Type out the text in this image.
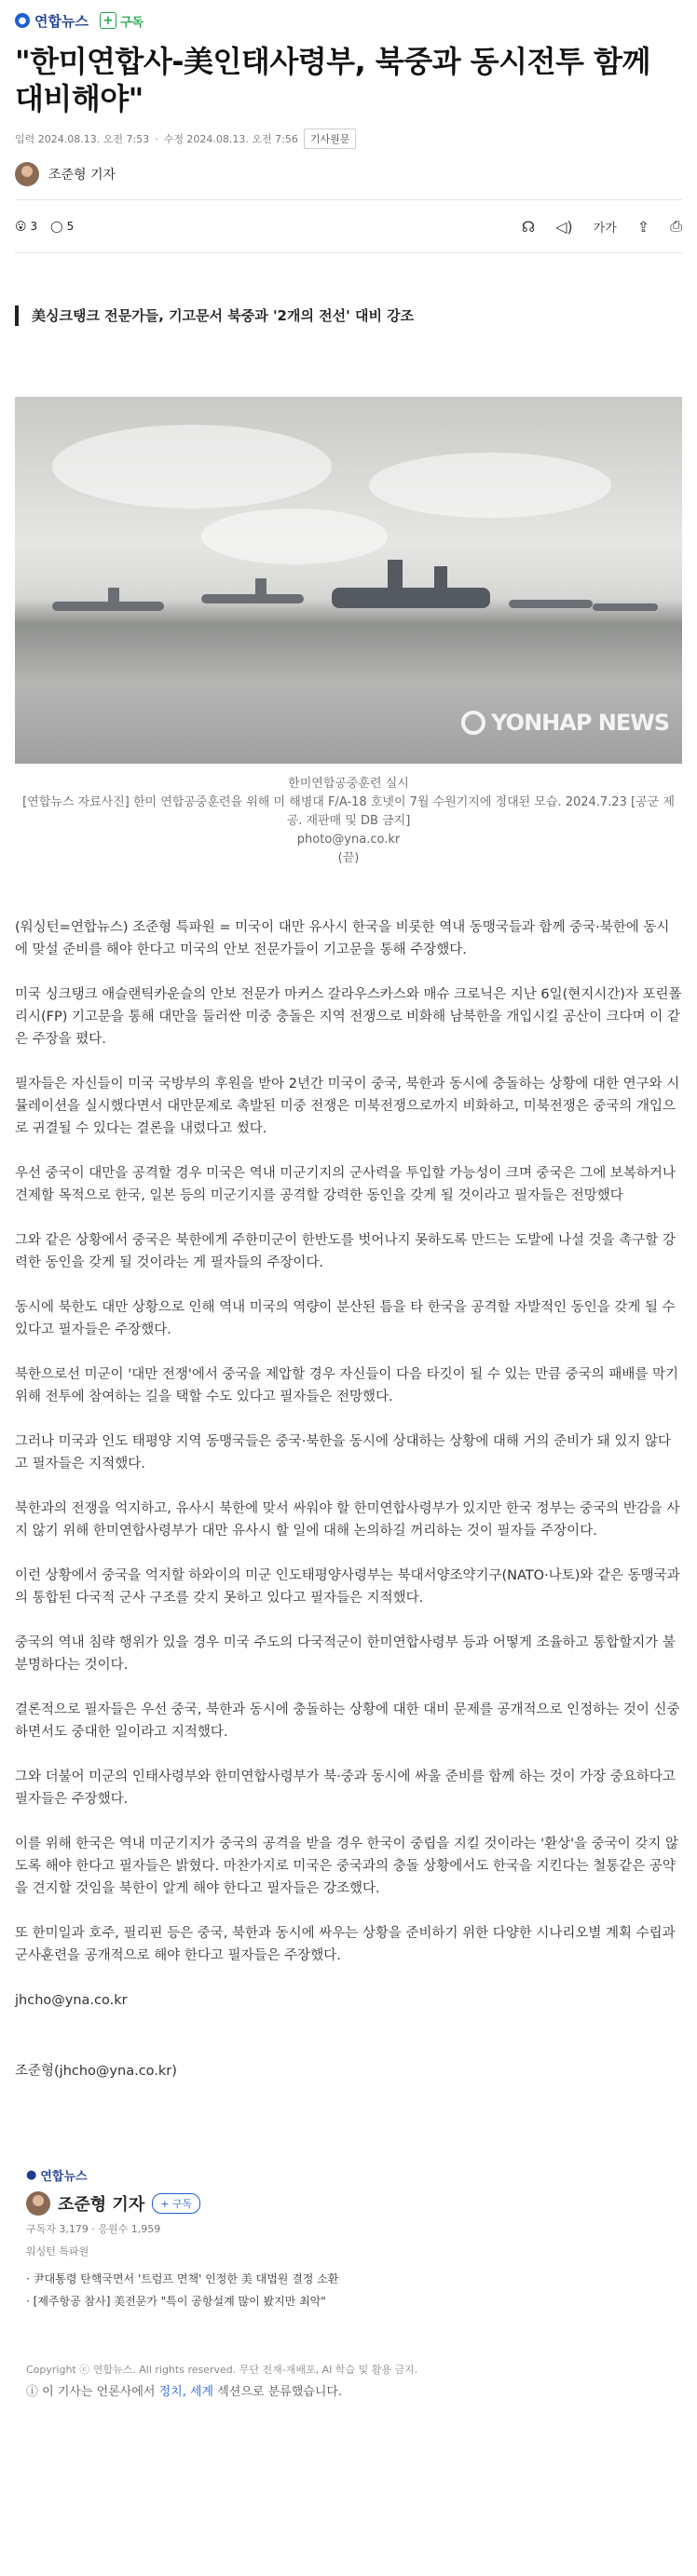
● 연합뉴스 + 구독
"한미연합사-美인태사령부, 북중과 동시전투 함께 대비해야"
입력 2024.08.13. 오전 7:53 · 수정 2024.08.13. 오전 7:56	기사원문
조준형 기자
😮 3 ◯ 5	☊ ◁) 가가 ⇪ ⎙
美싱크탱크 전문가들, 기고문서 북중과 '2개의 전선' 대비 강조
YONHAP NEWS
한미연합공중훈련 실시
[연합뉴스 자료사진] 한미 연합공중훈련을 위해 미 해병대 F/A-18 호넷이 7월 수원기지에 정대된 모습. 2024.7.23 [공군 제공. 재판매 및 DB 금지]
photo@yna.co.kr
(끝)

(워싱턴=연합뉴스) 조준형 특파원 = 미국이 대만 유사시 한국을 비롯한 역내 동맹국들과 함께 중국·북한에 동시에 맞설 준비를 해야 한다고 미국의 안보 전문가들이 기고문을 통해 주장했다.

미국 싱크탱크 애슬랜틱카운슬의 안보 전문가 마커스 갈라우스카스와 매슈 크로닉은 지난 6일(현지시간)자 포린폴리시(FP) 기고문을 통해 대만을 둘러싼 미중 충돌은 지역 전쟁으로 비화해 남북한을 개입시킬 공산이 크다며 이 같은 주장을 폈다.

필자들은 자신들이 미국 국방부의 후원을 받아 2년간 미국이 중국, 북한과 동시에 충돌하는 상황에 대한 연구와 시뮬레이션을 실시했다면서 대만문제로 촉발된 미중 전쟁은 미북전쟁으로까지 비화하고, 미북전쟁은 중국의 개입으로 귀결될 수 있다는 결론을 내렸다고 썼다.

우선 중국이 대만을 공격할 경우 미국은 역내 미군기지의 군사력을 투입할 가능성이 크며 중국은 그에 보복하거나 견제할 목적으로 한국, 일본 등의 미군기지를 공격할 강력한 동인을 갖게 될 것이라고 필자들은 전망했다

그와 같은 상황에서 중국은 북한에게 주한미군이 한반도를 벗어나지 못하도록 만드는 도발에 나설 것을 촉구할 강력한 동인을 갖게 될 것이라는 게 필자들의 주장이다.

동시에 북한도 대만 상황으로 인해 역내 미국의 역량이 분산된 틈을 타 한국을 공격할 자발적인 동인을 갖게 될 수 있다고 필자들은 주장했다.

북한으로선 미군이 '대만 전쟁'에서 중국을 제압할 경우 자신들이 다음 타깃이 될 수 있는 만큼 중국의 패배를 막기 위해 전투에 참여하는 길을 택할 수도 있다고 필자들은 전망했다.

그러나 미국과 인도 태평양 지역 동맹국들은 중국·북한을 동시에 상대하는 상황에 대해 거의 준비가 돼 있지 않다고 필자들은 지적했다.

북한과의 전쟁을 억지하고, 유사시 북한에 맞서 싸워야 할 한미연합사령부가 있지만 한국 정부는 중국의 반감을 사지 않기 위해 한미연합사령부가 대만 유사시 할 일에 대해 논의하길 꺼리하는 것이 필자들 주장이다.

이런 상황에서 중국을 억지할 하와이의 미군 인도태평양사령부는 북대서양조약기구(NATO·나토)와 같은 동맹국과의 통합된 다국적 군사 구조를 갖지 못하고 있다고 필자들은 지적했다.

중국의 역내 침략 행위가 있을 경우 미국 주도의 다국적군이 한미연합사령부 등과 어떻게 조율하고 통합할지가 불분명하다는 것이다.

결론적으로 필자들은 우선 중국, 북한과 동시에 충돌하는 상황에 대한 대비 문제를 공개적으로 인정하는 것이 신중하면서도 중대한 일이라고 지적했다.

그와 더불어 미군의 인태사령부와 한미연합사령부가 북·중과 동시에 싸울 준비를 함께 하는 것이 가장 중요하다고 필자들은 주장했다.

이를 위해 한국은 역내 미군기지가 중국의 공격을 받을 경우 한국이 중립을 지킬 것이라는 '환상'을 중국이 갖지 않도록 해야 한다고 필자들은 밝혔다. 마찬가지로 미국은 중국과의 충돌 상황에서도 한국을 지킨다는 철통같은 공약을 견지할 것임을 북한이 알게 해야 한다고 필자들은 강조했다.

또 한미일과 호주, 필리핀 등은 중국, 북한과 동시에 싸우는 상황을 준비하기 위한 다양한 시나리오별 계획 수립과 군사훈련을 공개적으로 해야 한다고 필자들은 주장했다.

jhcho@yna.co.kr

조준형(jhcho@yna.co.kr)

● 연합뉴스
조준형 기자	+ 구독
구독자 3,179 · 응원수 1,959
워싱턴 특파원
· 尹대통령 탄핵국면서 '트럼프 면책' 인정한 美 대법원 결정 소환
· [제주항공 참사] 美전문가 "특이 공항설계 많이 봤지만 최악"
Copyright ⓒ 연합뉴스. All rights reserved. 무단 전재-재배포, AI 학습 및 활용 금지.
ⓘ 이 기사는 언론사에서 정치, 세계 섹션으로 분류했습니다.
